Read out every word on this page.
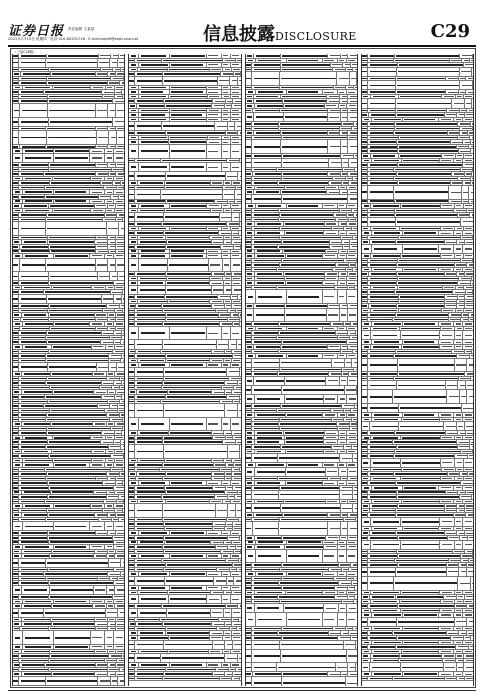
证券日报 责任编辑 王某某
2021年7月15日 星期四 · 电话 010-83251716 · E-mail:zqrb9@zqrb.sina.net	信息披露DISCLOSURE	C29
（上接C28版）
